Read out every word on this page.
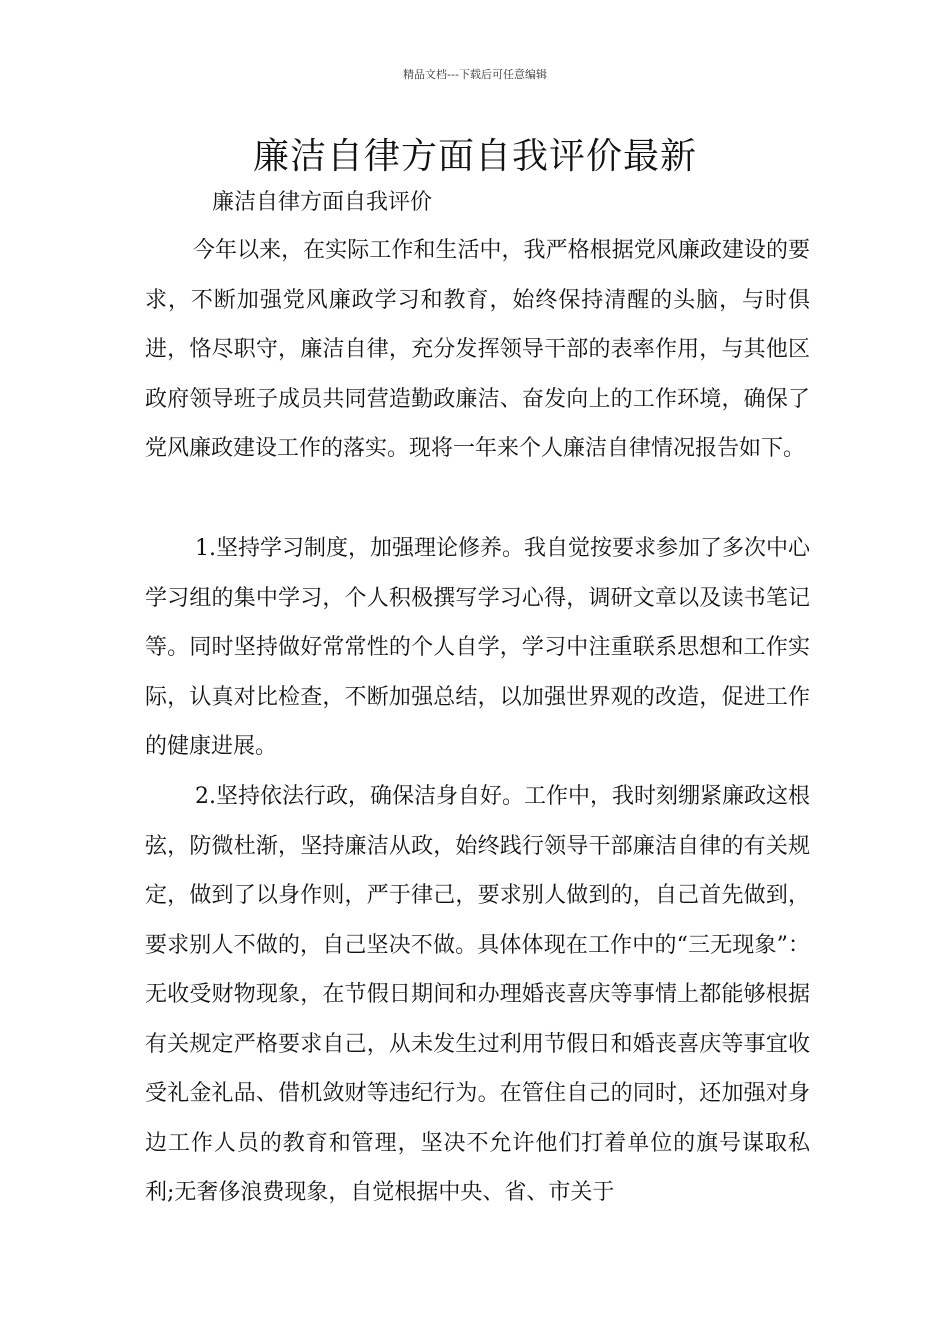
精品文档---下载后可任意编辑
廉洁自律方面自我评价最新
廉洁自律方面自我评价

今年以来，在实际工作和生活中，我严格根据党风廉政建设的要求，不断加强党风廉政学习和教育，始终保持清醒的头脑，与时俱进，恪尽职守，廉洁自律，充分发挥领导干部的表率作用，与其他区政府领导班子成员共同营造勤政廉洁、奋发向上的工作环境，确保了党风廉政建设工作的落实。现将一年来个人廉洁自律情况报告如下。

1.坚持学习制度，加强理论修养。我自觉按要求参加了多次中心学习组的集中学习，个人积极撰写学习心得，调研文章以及读书笔记等。同时坚持做好常常性的个人自学，学习中注重联系思想和工作实际，认真对比检查，不断加强总结，以加强世界观的改造，促进工作的健康进展。

2.坚持依法行政，确保洁身自好。工作中，我时刻绷紧廉政这根弦，防微杜渐，坚持廉洁从政，始终践行领导干部廉洁自律的有关规定，做到了以身作则，严于律己，要求别人做到的，自己首先做到，要求别人不做的，自己坚决不做。具体体现在工作中的“三无现象”：无收受财物现象，在节假日期间和办理婚丧喜庆等事情上都能够根据有关规定严格要求自己，从未发生过利用节假日和婚丧喜庆等事宜收受礼金礼品、借机敛财等违纪行为。在管住自己的同时，还加强对身边工作人员的教育和管理，坚决不允许他们打着单位的旗号谋取私利;无奢侈浪费现象，自觉根据中央、省、市关于
